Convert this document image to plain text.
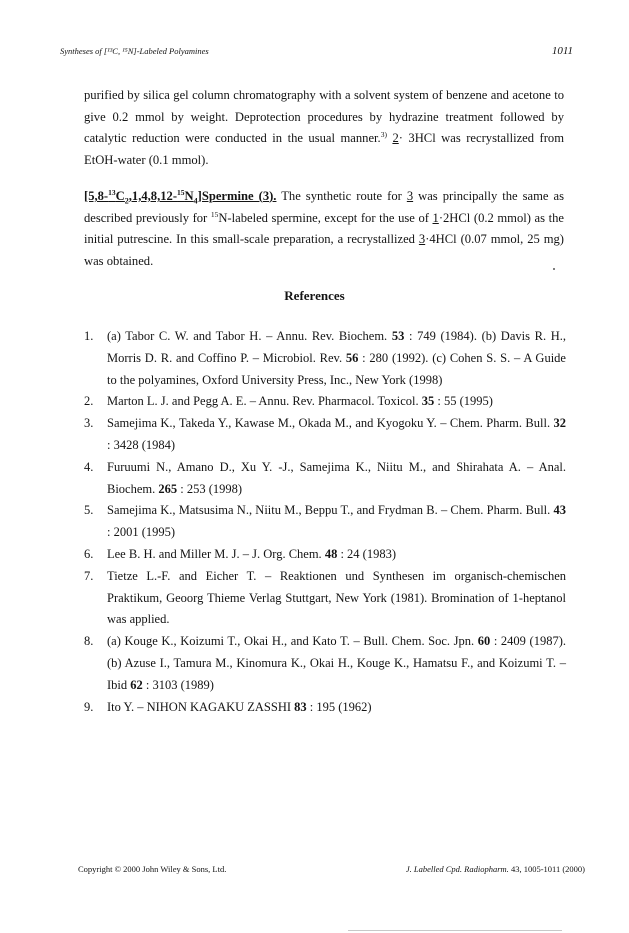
Syntheses of [¹³C, ¹⁵N]-Labeled Polyamines	1011

purified by silica gel column chromatography with a solvent system of benzene and acetone to give 0.2 mmol by weight. Deprotection procedures by hydrazine treatment followed by catalytic reduction were conducted in the usual manner.$^{3)}$ 2· 3HCl was recrystallized from EtOH-water (0.1 mmol).

$[5,8-^{13}C_2,1,4,8,12-^{15}N_4]Spermine$ (3). The synthetic route for 3 was principally the same as described previously for $^{15}$N-labeled spermine, except for the use of 1·2HCl (0.2 mmol) as the initial putrescine. In this small-scale preparation, a recrystallized 3·4HCl (0.07 mmol, 25 mg) was obtained.

References
1.	(a) Tabor C. W. and Tabor H. – Annu. Rev. Biochem. 53 : 749 (1984). (b) Davis R. H., Morris D. R. and Coffino P. – Microbiol. Rev. 56 : 280 (1992). (c) Cohen S. S. – A Guide to the polyamines, Oxford University Press, Inc., New York (1998)
2.	Marton L. J. and Pegg A. E. – Annu. Rev. Pharmacol. Toxicol. 35 : 55 (1995)
3.	Samejima K., Takeda Y., Kawase M., Okada M., and Kyogoku Y. – Chem. Pharm. Bull. 32 : 3428 (1984)
4.	Furuumi N., Amano D., Xu Y. -J., Samejima K., Niitu M., and Shirahata A. – Anal. Biochem. 265 : 253 (1998)
5.	Samejima K., Matsusima N., Niitu M., Beppu T., and Frydman B. – Chem. Pharm. Bull. 43 : 2001 (1995)
6.	Lee B. H. and Miller M. J. – J. Org. Chem. 48 : 24 (1983)
7.	Tietze L.-F. and Eicher T. – Reaktionen und Synthesen im organisch-chemischen Praktikum, Geoorg Thieme Verlag Stuttgart, New York (1981). Bromination of 1-heptanol was applied.
8.	(a) Kouge K., Koizumi T., Okai H., and Kato T. – Bull. Chem. Soc. Jpn. 60 : 2409 (1987). (b) Azuse I., Tamura M., Kinomura K., Okai H., Kouge K., Hamatsu F., and Koizumi T. – Ibid 62 : 3103 (1989)
9.	Ito Y. – NIHON KAGAKU ZASSHI 83 : 195 (1962)
Copyright © 2000 John Wiley & Sons, Ltd.	J. Labelled Cpd. Radiopharm. 43, 1005-1011 (2000)
